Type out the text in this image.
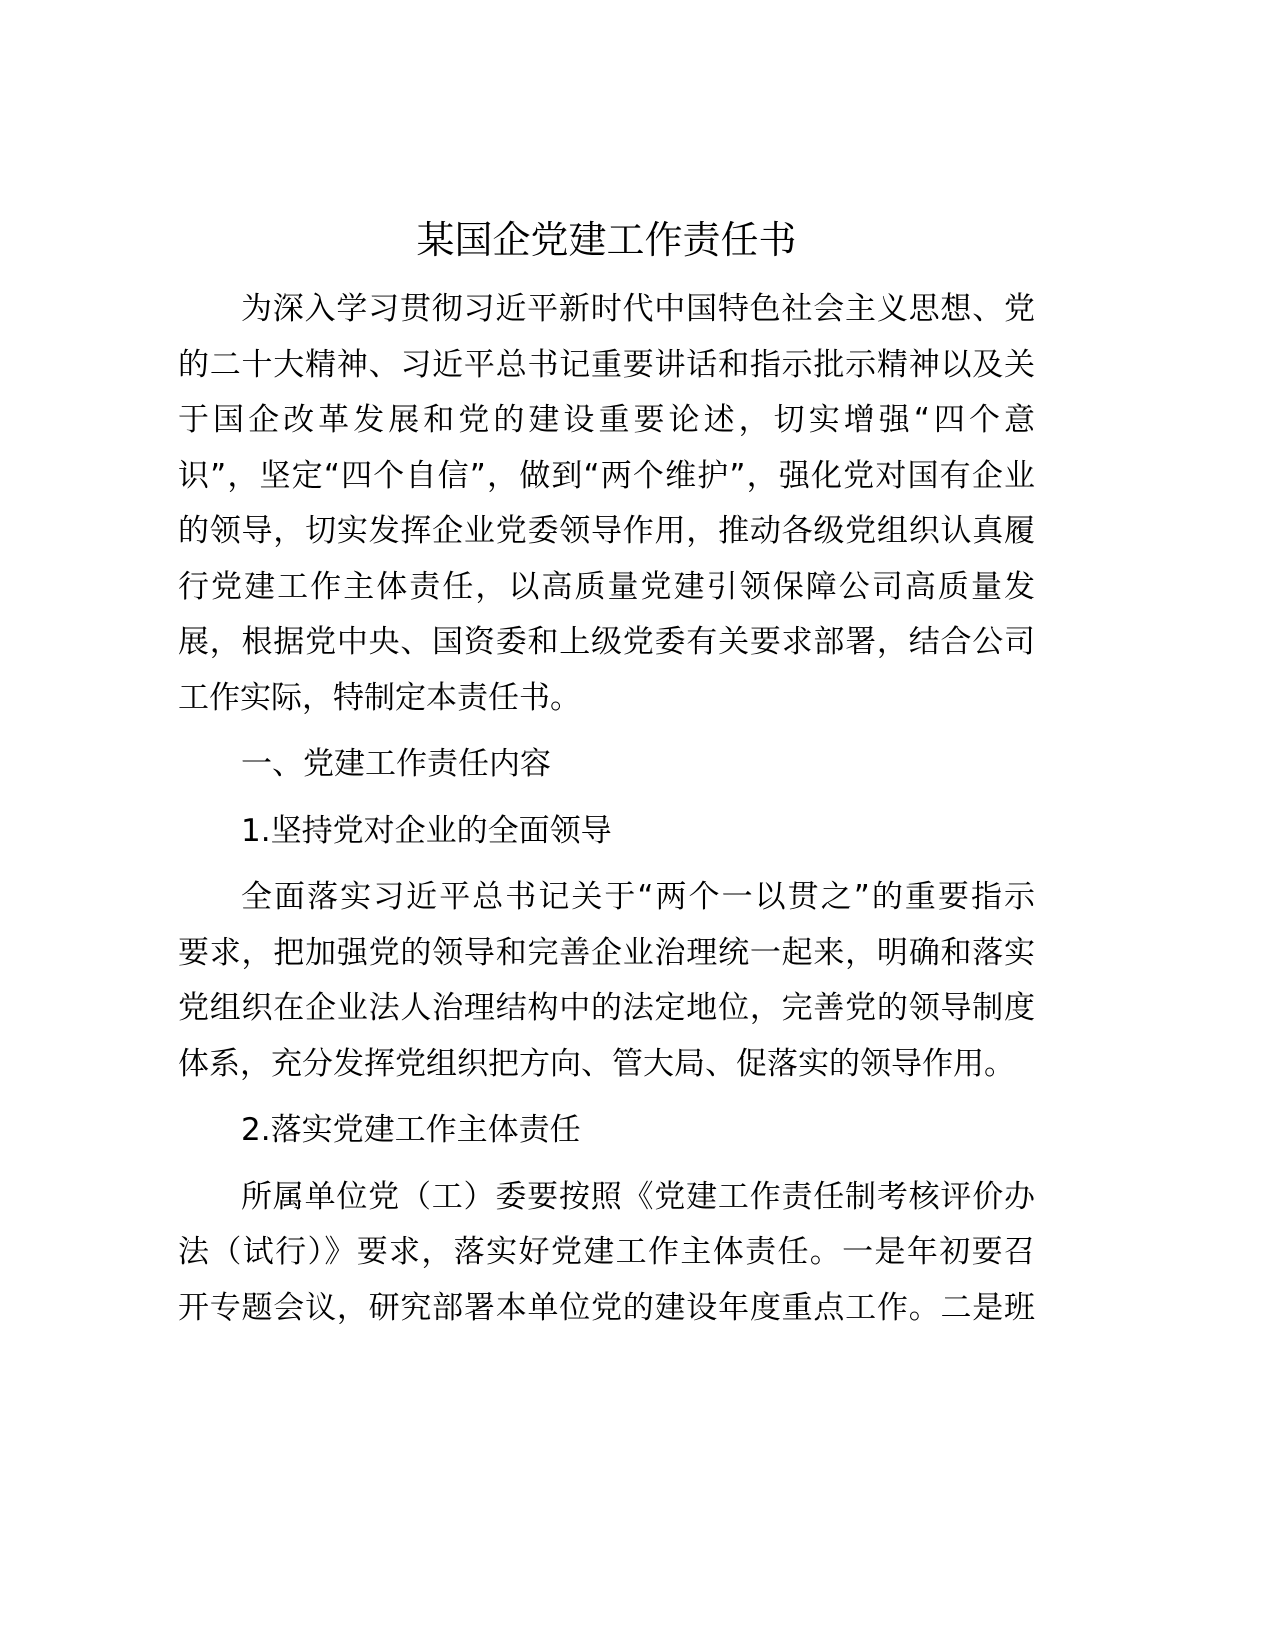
某国企党建工作责任书
为深入学习贯彻习近平新时代中国特色社会主义思想、党
的二十大精神、习近平总书记重要讲话和指示批示精神以及关
于国企改革发展和党的建设重要论述，切实增强“四个意
识”，坚定“四个自信”，做到“两个维护”，强化党对国有企业
的领导，切实发挥企业党委领导作用，推动各级党组织认真履
行党建工作主体责任，以高质量党建引领保障公司高质量发
展，根据党中央、国资委和上级党委有关要求部署，结合公司
工作实际，特制定本责任书。
一、党建工作责任内容
1.坚持党对企业的全面领导
全面落实习近平总书记关于“两个一以贯之”的重要指示
要求，把加强党的领导和完善企业治理统一起来，明确和落实
党组织在企业法人治理结构中的法定地位，完善党的领导制度
体系，充分发挥党组织把方向、管大局、促落实的领导作用。
2.落实党建工作主体责任
所属单位党（工）委要按照《党建工作责任制考核评价办
法（试行）》要求，落实好党建工作主体责任。一是年初要召
开专题会议，研究部署本单位党的建设年度重点工作。二是班
